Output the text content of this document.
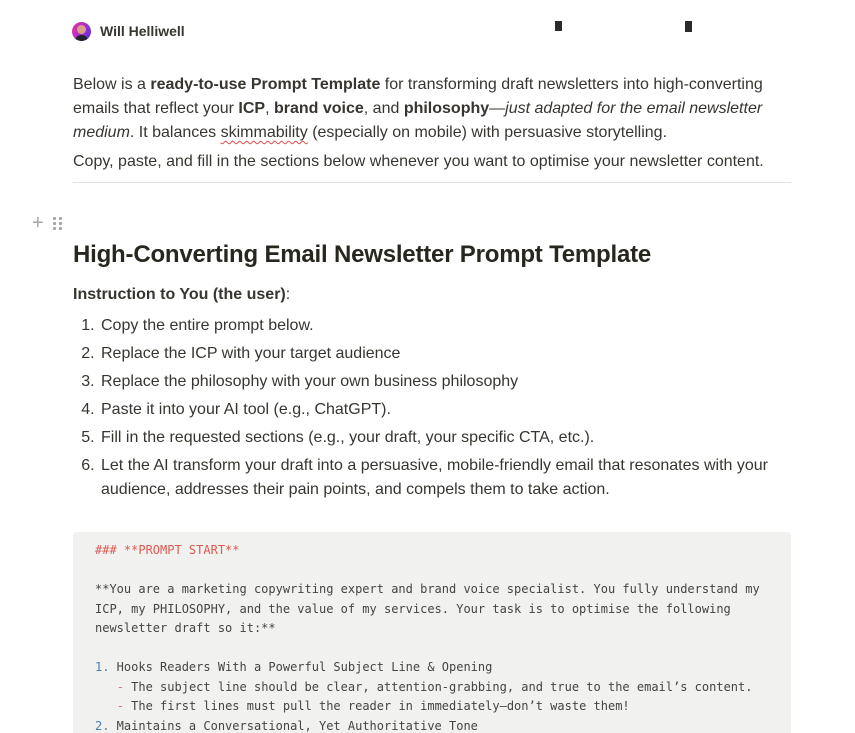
Will Helliwell
+

Below is a ready-to-use Prompt Template for transforming draft newsletters into high-converting emails that reflect your ICP, brand voice, and philosophy—just adapted for the email newsletter medium. It balances skimmability (especially on mobile) with persuasive storytelling.

Copy, paste, and fill in the sections below whenever you want to optimise your newsletter content.

High-Converting Email Newsletter Prompt Template

Instruction to You (the user):

1. Copy the entire prompt below.
2. Replace the ICP with your target audience
3. Replace the philosophy with your own business philosophy
4. Paste it into your AI tool (e.g., ChatGPT).
5. Fill in the requested sections (e.g., your draft, your specific CTA, etc.).
6. Let the AI transform your draft into a persuasive, mobile-friendly email that resonates with your audience, addresses their pain points, and compels them to take action.
### **PROMPT START**

**You are a marketing copywriting expert and brand voice specialist. You fully understand my
ICP, my PHILOSOPHY, and the value of my services. Your task is to optimise the following
newsletter draft so it:**

1. Hooks Readers With a Powerful Subject Line & Opening
- The subject line should be clear, attention-grabbing, and true to the email’s content.
- The first lines must pull the reader in immediately—don’t waste them!
2. Maintains a Conversational, Yet Authoritative Tone
